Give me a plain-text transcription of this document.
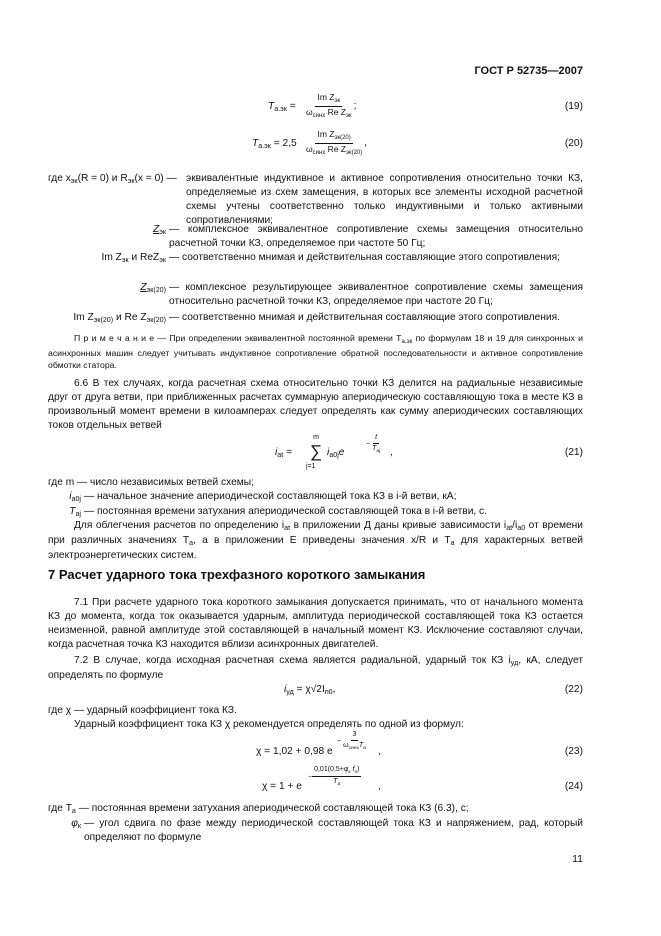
ГОСТ Р 52735—2007
$T_{а.эк} = \frac{Im Z_{эк}}{\omega_{синх} Re Z_{эк}}$ ;	(19)
$T_{а.эк} = 2,5 \frac{Im Z_{эк(20)}}{\omega_{синх} Re Z_{эк(20)}}$ ,	(20)
где $x_{эк}(R = 0)$ и $R_{эк}(x = 0)$ — эквивалентные индуктивное и активное сопротивления относительно точки КЗ, определяемые из схем замещения, в которых все элементы исходной расчетной схемы учтены соответственно только индуктивными и только активными сопротивлениями;
$Z_{эк}$ — комплексное эквивалентное сопротивление схемы замещения относительно расчетной точки КЗ, определяемое при частоте 50 Гц;
Im $Z_{эк}$ и ReZ$_{эк}$ — соответственно мнимая и действительная составляющие этого сопротивления;
$Z_{эк(20)}$ — комплексное результирующее эквивалентное сопротивление схемы замещения относительно расчетной точки КЗ, определяемое при частоте 20 Гц;
Im $Z_{эк(20)}$ и Re $Z_{эк(20)}$ — соответственно мнимая и действительная составляющие этого сопротивления.
П р и м е ч а н и е — При определении эквивалентной постоянной времени $T_{а.эк}$ по формулам 18 и 19 для синхронных и асинхронных машин следует учитывать индуктивное сопротивление обратной последовательности и активное сопротивление обмотки статора.
6.6 В тех случаях, когда расчетная схема относительно точки КЗ делится на радиальные независимые друг от друга ветви, при приближенных расчетах суммарную апериодическую составляющую тока в месте КЗ в произвольный момент времени в килоамперах следует определять как сумму апериодических составляющих токов отдельных ветвей
$i_{at}$ =
m
∑
j=1
$i_{a0j}e$
− $\frac{t}{T_{aj}}$ ,	(21)
где m — число независимых ветвей схемы;
$i_{a0j}$ — начальное значение апериодической составляющей тока КЗ в i-й ветви, кА;
$T_{aj}$ — постоянная времени затухания апериодической составляющей тока в i-й ветви, с.
Для облегчения расчетов по определению $i_{at}$ в приложении Д даны кривые зависимости $i_{at}/i_{a0}$ от времени при различных значениях $T_a$, а в приложении Е приведены значения x/R и $T_а$ для характерных ветвей электроэнергетических систем.
7 Расчет ударного тока трехфазного короткого замыкания
7.1 При расчете ударного тока короткого замыкания допускается принимать, что от начального момента КЗ до момента, когда ток оказывается ударным, амплитуда периодической составляющей тока КЗ остается неизменной, равной амплитуде этой составляющей в начальный момент КЗ. Исключение составляют случаи, когда расчетная точка КЗ находится вблизи асинхронных двигателей.
7.2 В случае, когда исходная расчетная схема является радиальной, ударный ток КЗ $i_{уд}$, кА, следует определять по формуле
$i_{уд} = \chi√2I_{п0}$,	(22)
где χ — ударный коэффициент тока КЗ.
Ударный коэффициент тока КЗ χ рекомендуется определять по одной из формул:
χ = 1,02 + 0,98 e
− $\frac{3}{\omega_{синх}T_а}$
,	(23)
χ = 1 + e
− $\frac{0,01(0,5+\varphi_к f_п)}{T_а}$ ,	(24)
где $T_а$ — постоянная времени затухания апериодической составляющей тока КЗ (6.3), с;
$\varphi_к$ — угол сдвига по фазе между периодической составляющей тока КЗ и напряжением, рад, который определяют по формуле
11
